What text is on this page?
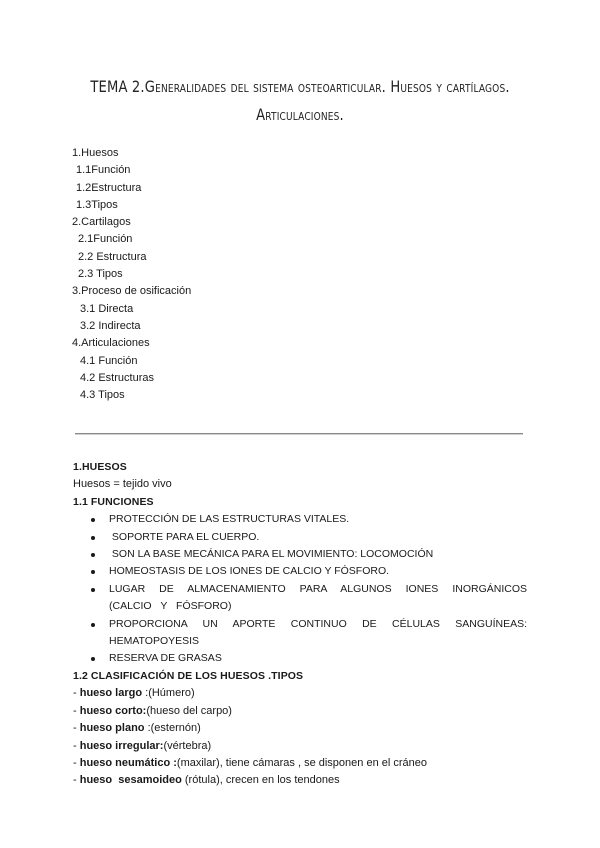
TEMA 2.Generalidades del sistema osteoarticular. Huesos y cartílagos.
Articulaciones.
1.Huesos
1.1Función
1.2Estructura
1.3Tipos
2.Cartilagos
2.1Función
2.2 Estructura
2.3 Tipos
3.Proceso de osificación
3.1 Directa
3.2 Indirecta
4.Articulaciones
4.1 Función
4.2 Estructuras
4.3 Tipos
1.HUESOS
Huesos = tejido vivo
1.1 FUNCIONES
PROTECCIÓN DE LAS ESTRUCTURAS VITALES.
SOPORTE PARA EL CUERPO.
SON LA BASE MECÁNICA PARA EL MOVIMIENTO: LOCOMOCIÓN
HOMEOSTASIS DE LOS IONES DE CALCIO Y FÓSFORO.
LUGAR DE ALMACENAMIENTO PARA ALGUNOS IONES INORGÁNICOS (CALCIO Y FÓSFORO)
PROPORCIONA UN APORTE CONTINUO DE CÉLULAS SANGUÍNEAS: HEMATOPOYESIS
RESERVA DE GRASAS
1.2 CLASIFICACIÓN DE LOS HUESOS .TIPOS
- hueso largo :(Húmero)
- hueso corto:(hueso del carpo)
- hueso plano :(esternón)
- hueso irregular:(vértebra)
- hueso neumático :(maxilar), tiene cámaras , se disponen en el cráneo
- hueso  sesamoideo (rótula), crecen en los tendones
